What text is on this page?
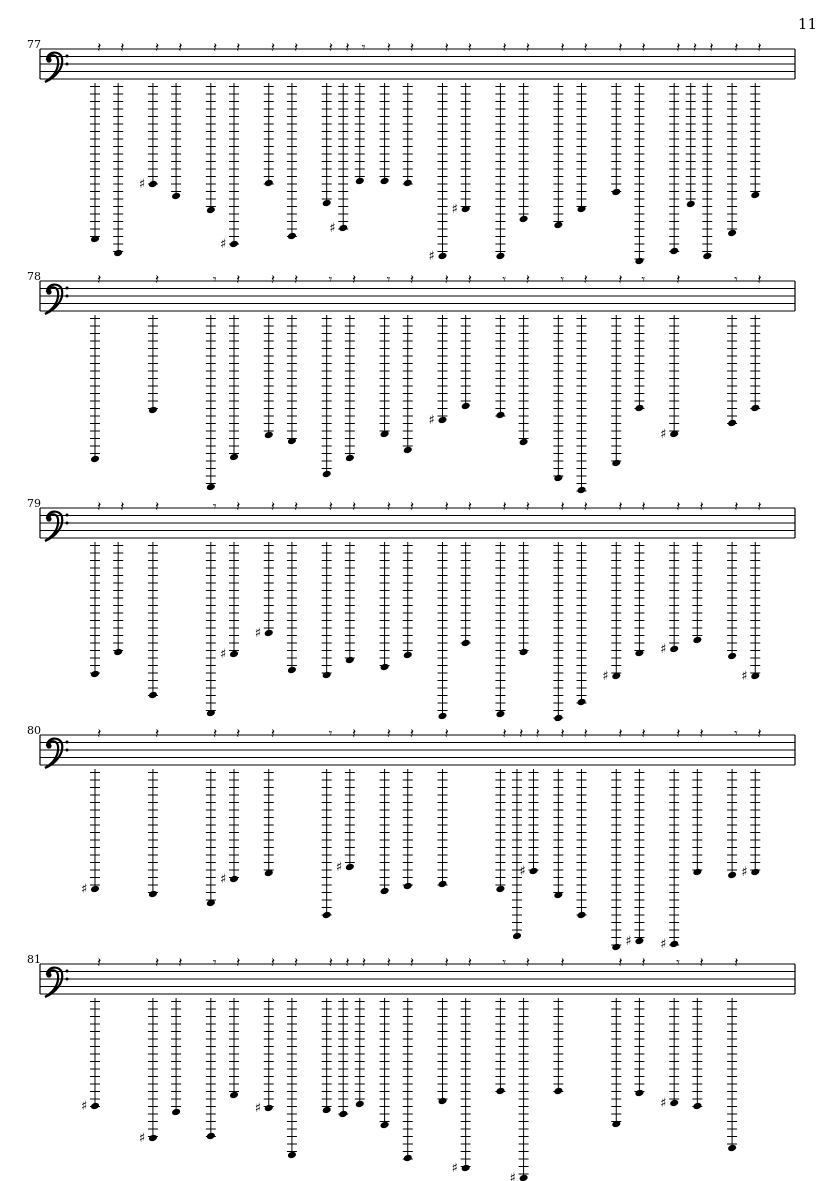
11
77	𝄽 𝄽 𝄽
♯
𝄽 𝄽 𝄽
♯
𝄽 𝄽 𝄽 𝄽
♯
𝄾 𝄽 𝄽 𝄽
♯
𝄽
♯
𝄽 𝄽 𝄽 𝄽 𝄽 𝄽 𝄽 𝄽 𝄽 𝄽 𝄽
78	𝄽	𝄽	𝄾 𝄽 𝄽 𝄽 𝄾 𝄽 𝄾 𝄽 𝄽
♯
𝄽 𝄾 𝄽 𝄾 𝄽 𝄽 𝄾 𝄽
♯
𝄾 𝄽
79	𝄽 𝄽 𝄽	𝄾 𝄽
♯
𝄽
♯
𝄽 𝄽 𝄽 𝄽 𝄽 𝄽 𝄽 𝄽 𝄽 𝄽 𝄽 𝄽
♯
𝄽 𝄽
♯
𝄽 𝄽 𝄽
♯
80	𝄽
♯
𝄽	𝄽 𝄽
♯
𝄽	𝄾 𝄽
♯
𝄽 𝄽 𝄽	𝄽 𝄽 𝄽
♯
𝄽 𝄽 𝄽 𝄽
♯
𝄽
♯
𝄽 𝄾 𝄽
♯
81	𝄽
♯
𝄽
♯
𝄽 𝄾 𝄽 𝄽
♯
𝄽 𝄽 𝄽 𝄽 𝄽 𝄽 𝄽 𝄽
♯
𝄾 𝄽
♯
𝄽	𝄽 𝄽 𝄾
♯
𝄽 𝄽
